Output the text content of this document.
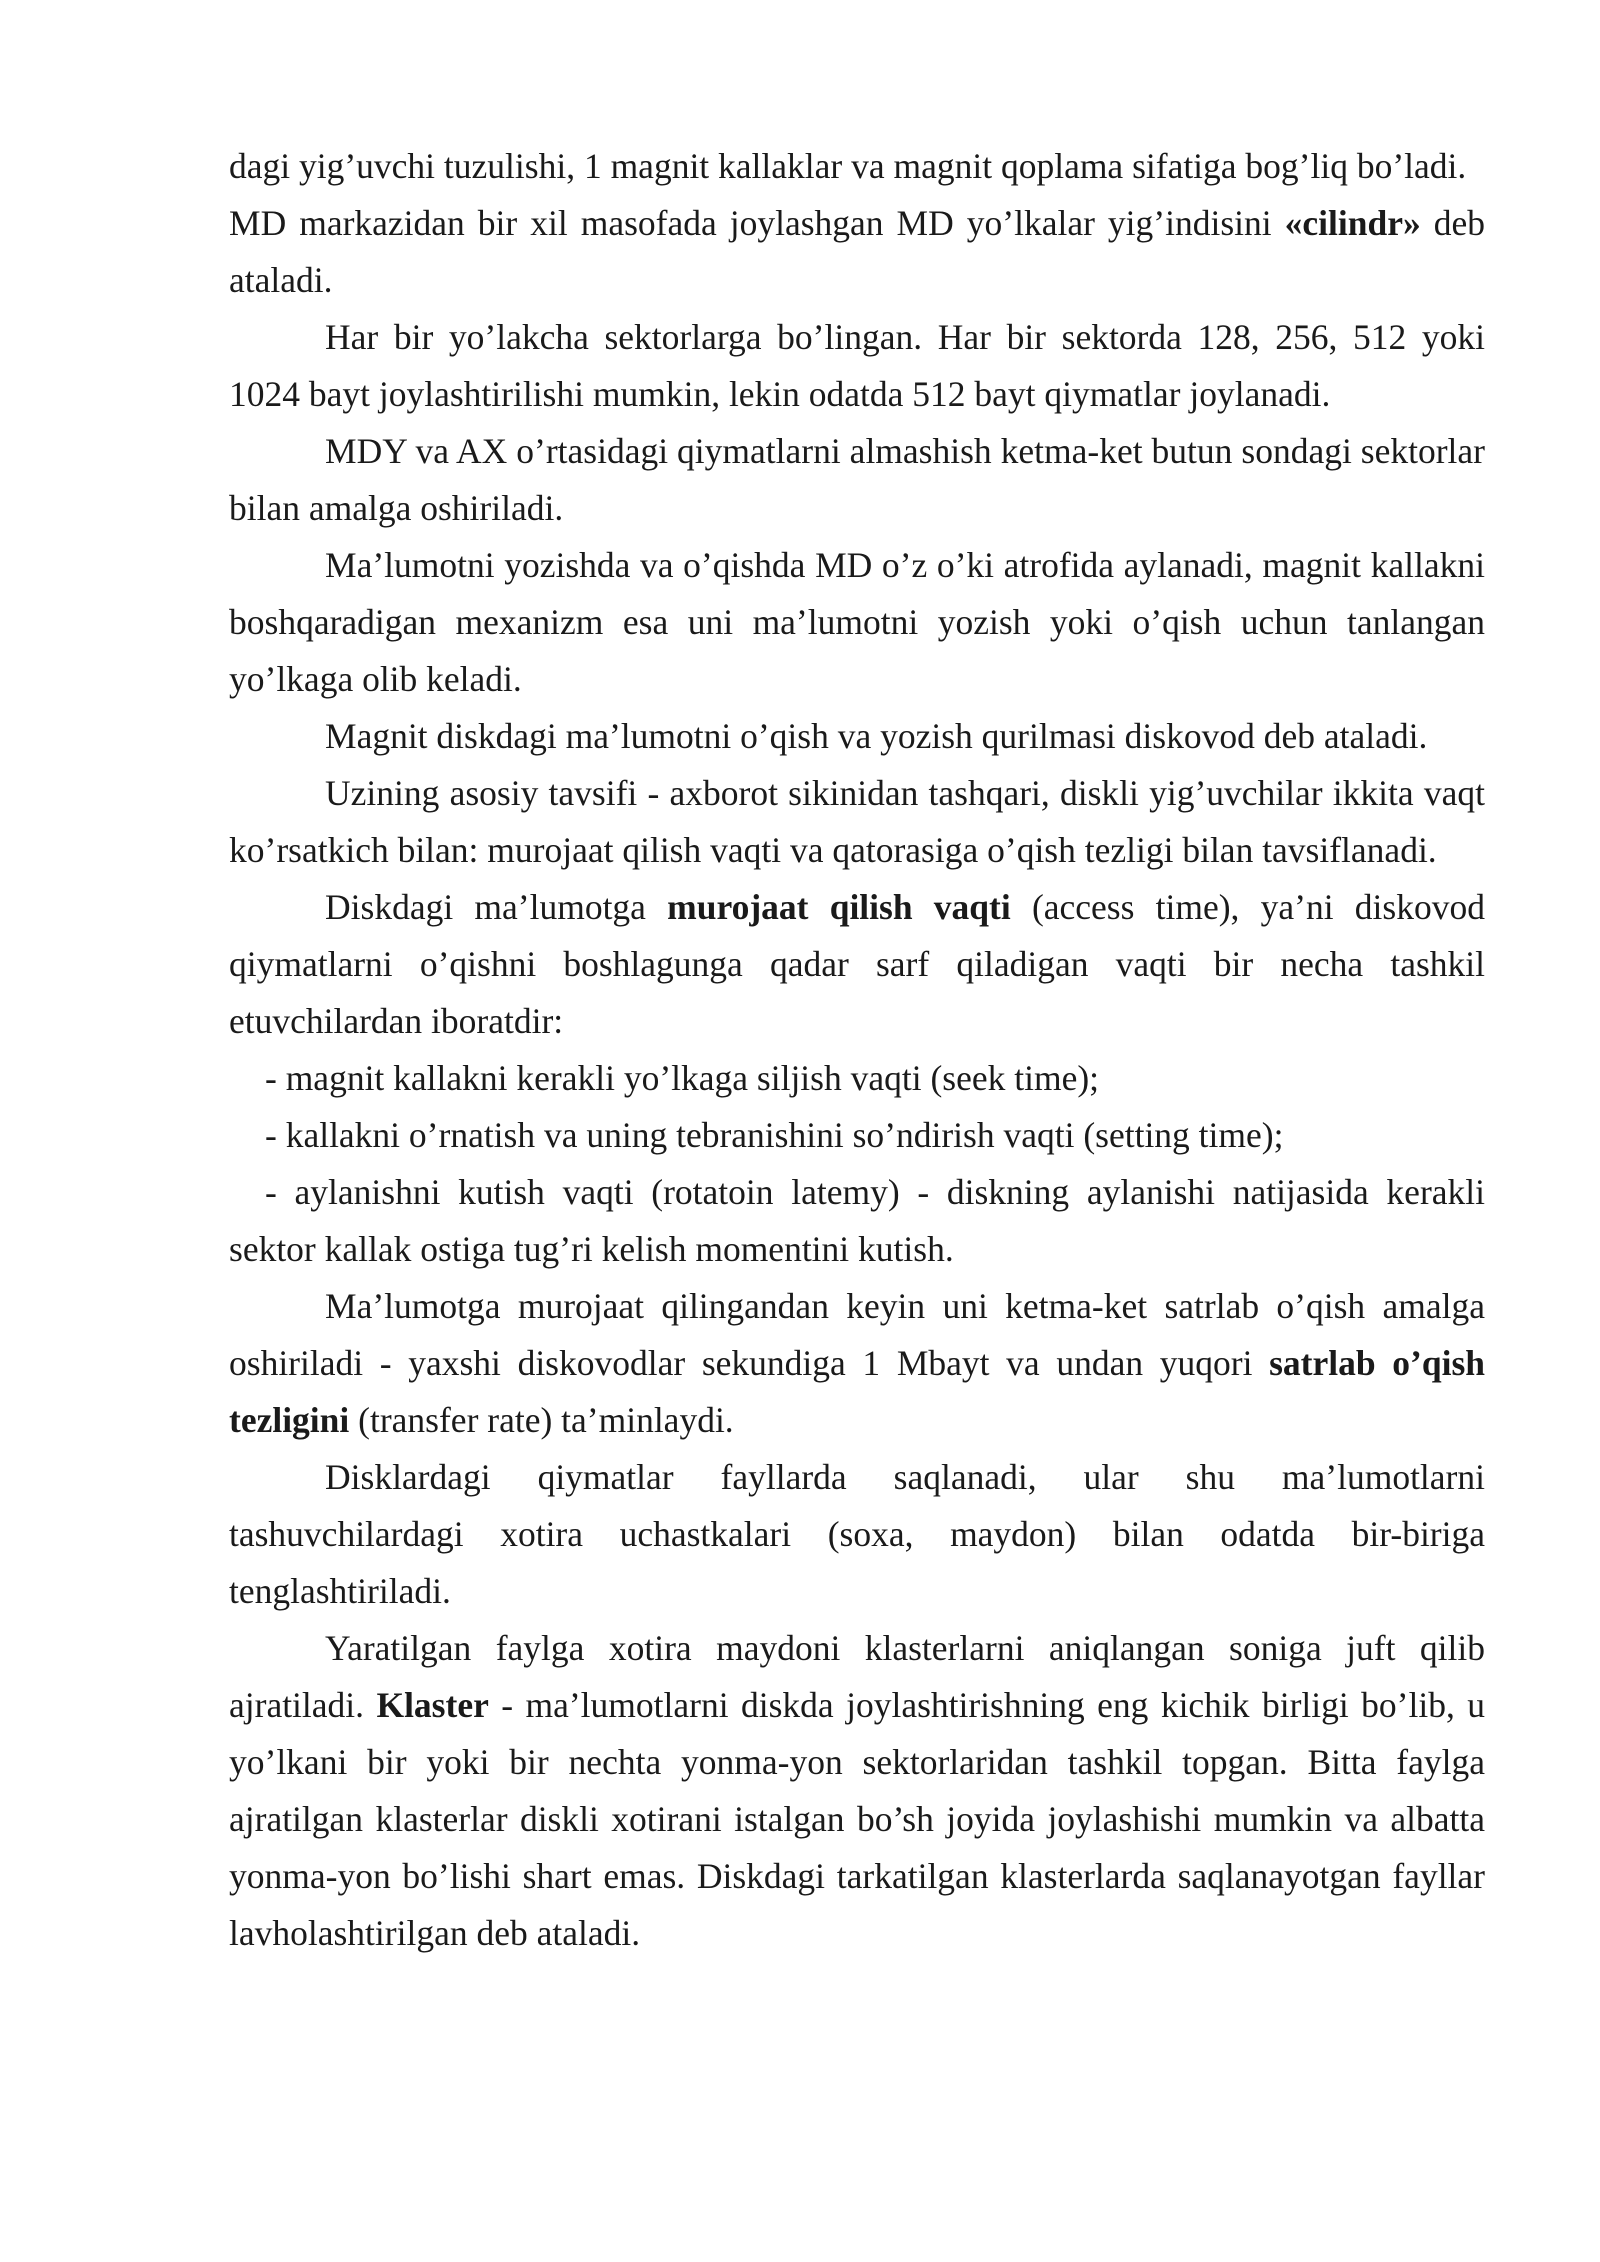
dagi yig’uvchi tuzulishi, 1 magnit kallaklar va magnit qoplama sifatiga bog’liq bo’ladi.

MD markazidan bir xil masofada joylashgan MD yo’lkalar yig’indisini «cilindr» deb ataladi.

Har bir yo’lakcha sektorlarga bo’lingan. Har bir sektorda 128, 256, 512 yoki 1024 bayt joylashtirilishi mumkin, lekin odatda 512 bayt qiymatlar joylanadi.

MDY va AX o’rtasidagi qiymatlarni almashish ketma-ket butun sondagi sektorlar bilan amalga oshiriladi.

Ma’lumotni yozishda va o’qishda MD o’z o’ki atrofida aylanadi, magnit kallakni boshqaradigan mexanizm esa uni ma’lumotni yozish yoki o’qish uchun tanlangan yo’lkaga olib keladi.

Magnit diskdagi ma’lumotni o’qish va yozish qurilmasi diskovod deb ataladi.

Uzining asosiy tavsifi - axborot sikinidan tashqari, diskli yig’uvchilar ikkita vaqt ko’rsatkich bilan: murojaat qilish vaqti va qatorasiga o’qish tezligi bilan tavsiflanadi.

Diskdagi ma’lumotga murojaat qilish vaqti (access time), ya’ni diskovod qiymatlarni o’qishni boshlagunga qadar sarf qiladigan vaqti bir necha tashkil etuvchilardan iboratdir:

- magnit kallakni kerakli yo’lkaga siljish vaqti (seek time);

- kallakni o’rnatish va uning tebranishini so’ndirish vaqti (setting time);

- aylanishni kutish vaqti (rotatoin latemy) - diskning aylanishi natijasida kerakli sektor kallak ostiga tug’ri kelish momentini kutish.

Ma’lumotga murojaat qilingandan keyin uni ketma-ket satrlab o’qish amalga oshiriladi - yaxshi diskovodlar sekundiga 1 Mbayt va undan yuqori satrlab o’qish tezligini (transfer rate) ta’minlaydi.

Disklardagi qiymatlar fayllarda saqlanadi, ular shu ma’lumotlarni tashuvchilardagi xotira uchastkalari (soxa, maydon) bilan odatda bir-biriga tenglashtiriladi.

Yaratilgan faylga xotira maydoni klasterlarni aniqlangan soniga juft qilib ajratiladi. Klaster - ma’lumotlarni diskda joylashtirishning eng kichik birligi bo’lib, u yo’lkani bir yoki bir nechta yonma-yon sektorlaridan tashkil topgan. Bitta faylga ajratilgan klasterlar diskli xotirani istalgan bo’sh joyida joylashishi mumkin va albatta yonma-yon bo’lishi shart emas. Diskdagi tarkatilgan klasterlarda saqlanayotgan fayllar lavholashtirilgan deb ataladi.
